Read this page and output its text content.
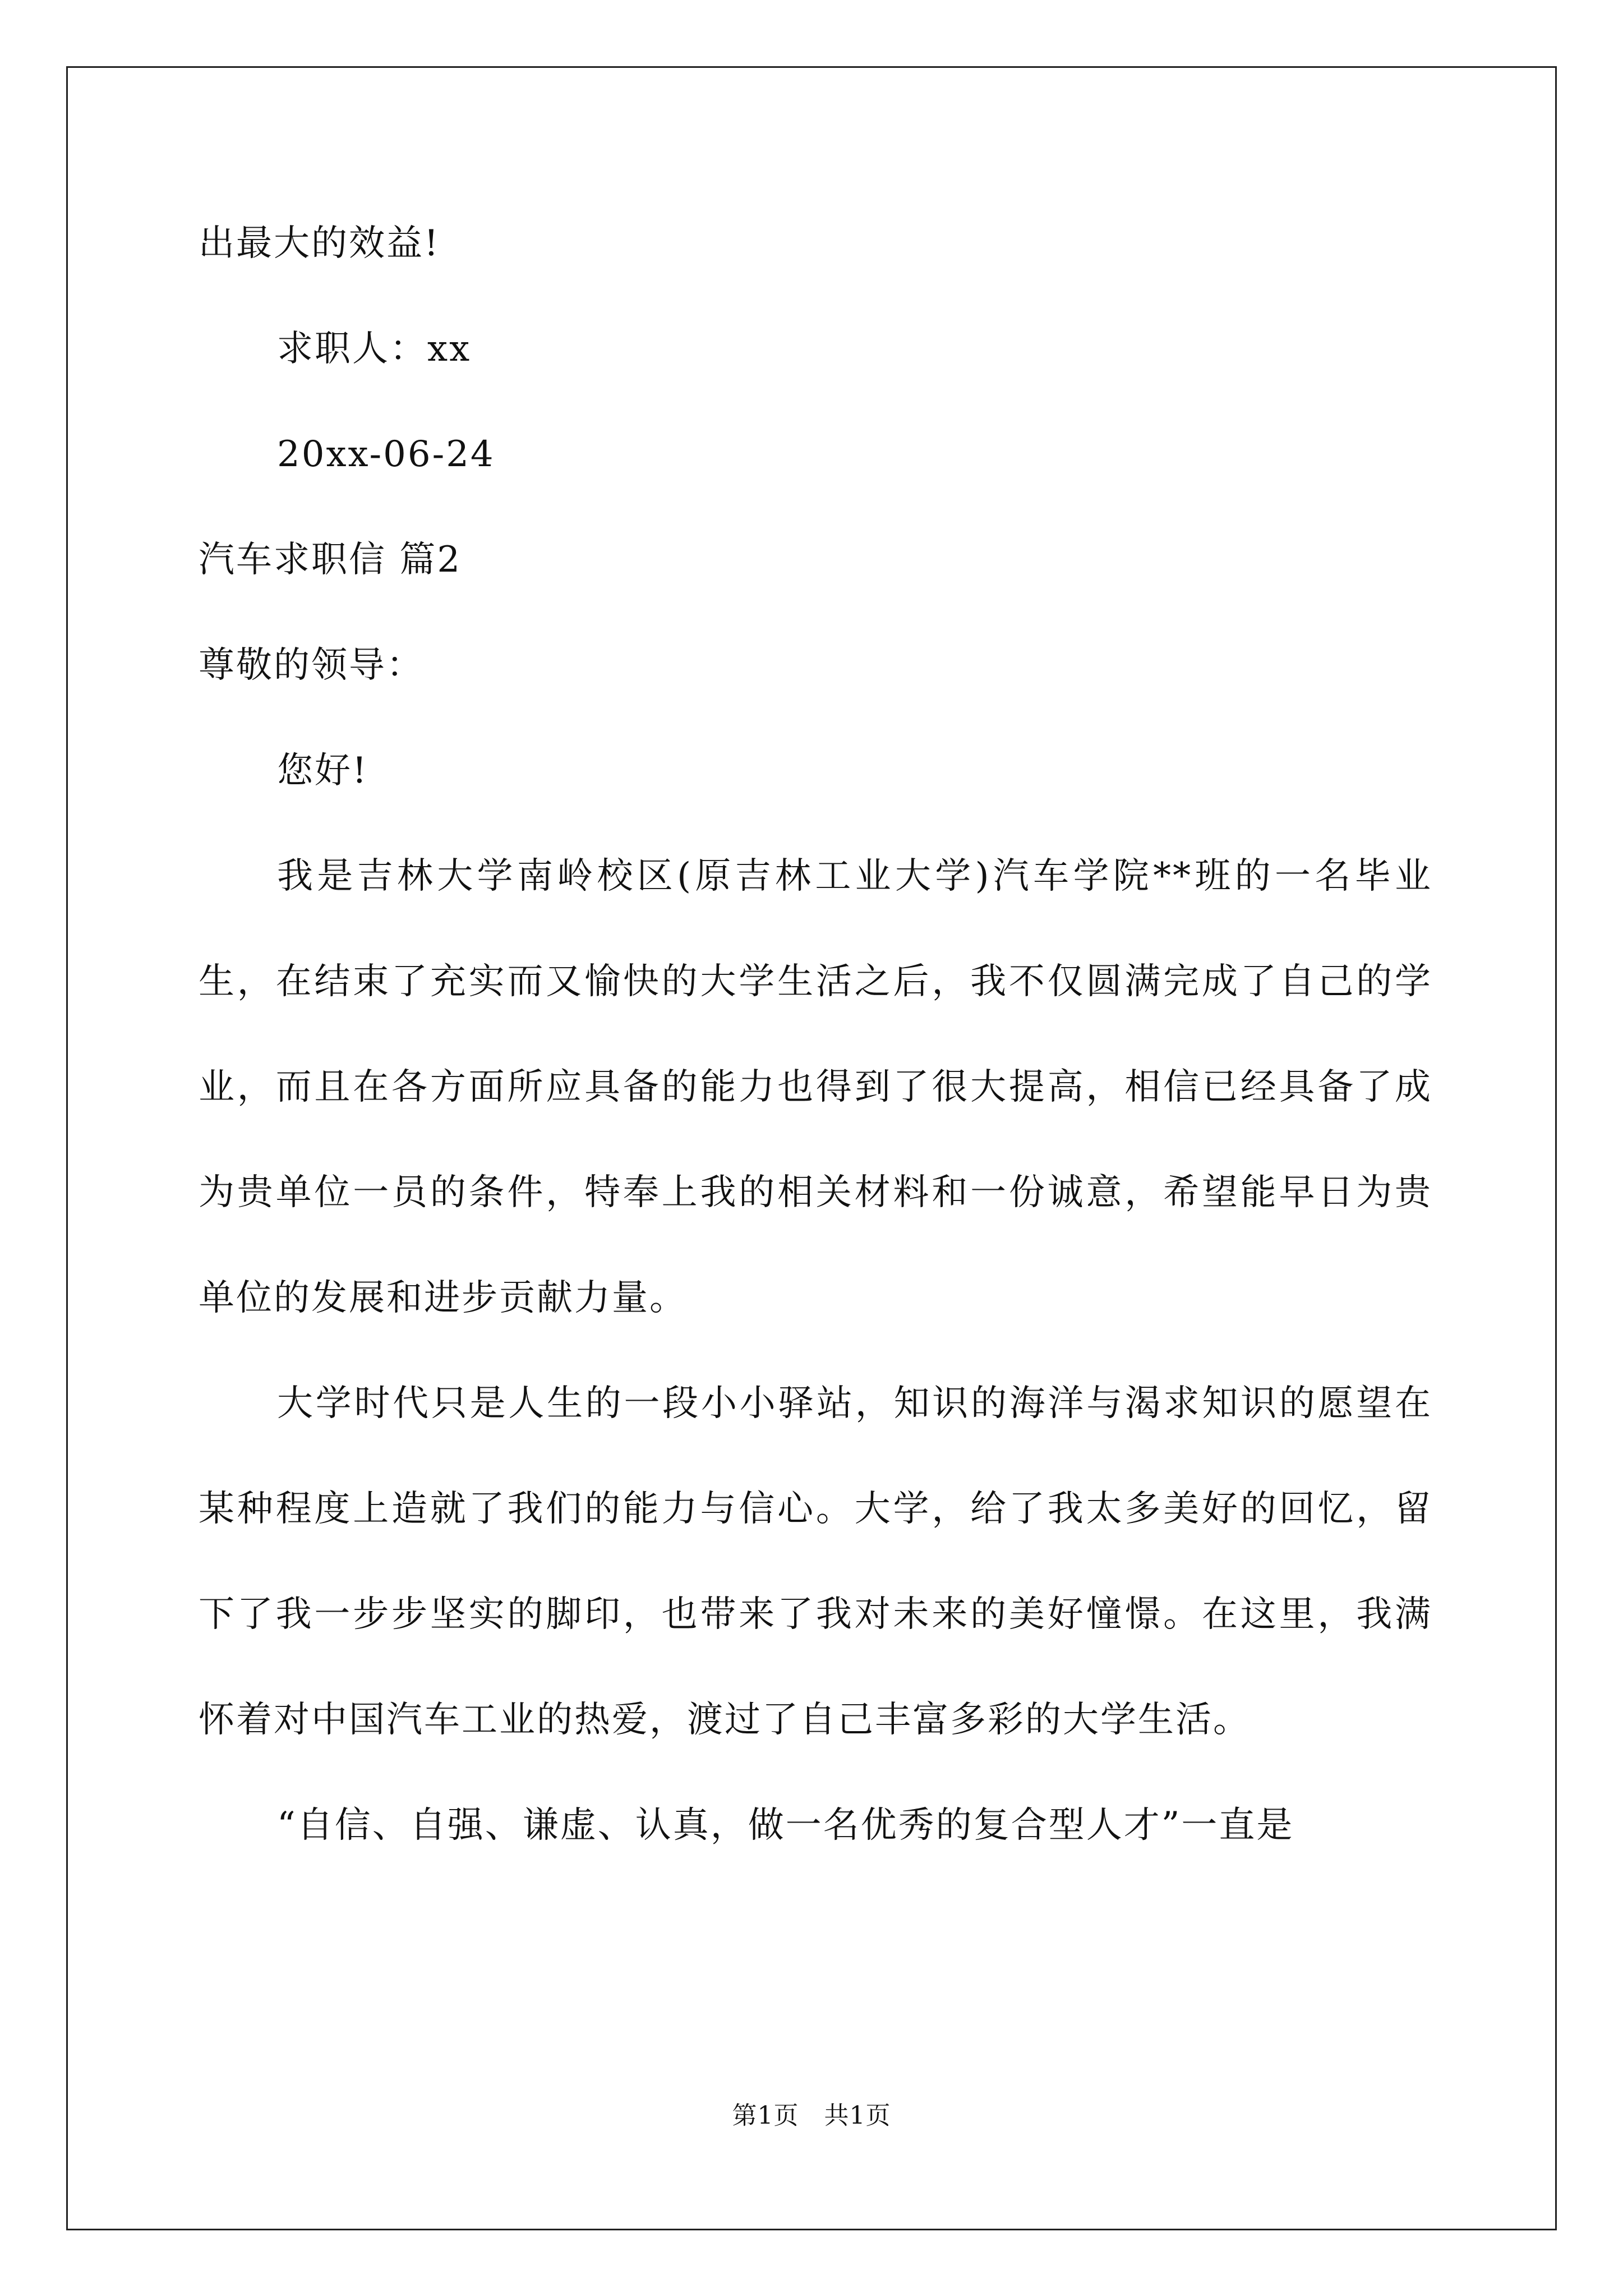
出最大的效益!

求职人：xx

20xx-06-24

汽车求职信 篇2

尊敬的领导：

您好!

我是吉林大学南岭校区(原吉林工业大学)汽车学院**班的一名毕业生，在结束了充实而又愉快的大学生活之后，我不仅圆满完成了自己的学业，而且在各方面所应具备的能力也得到了很大提高，相信已经具备了成为贵单位一员的条件，特奉上我的相关材料和一份诚意，希望能早日为贵单位的发展和进步贡献力量。

大学时代只是人生的一段小小驿站，知识的海洋与渴求知识的愿望在某种程度上造就了我们的能力与信心。大学，给了我太多美好的回忆，留下了我一步步坚实的脚印，也带来了我对未来的美好憧憬。在这里，我满怀着对中国汽车工业的热爱，渡过了自己丰富多彩的大学生活。

“自信、自强、谦虚、认真，做一名优秀的复合型人才”一直是

第1页　共1页
